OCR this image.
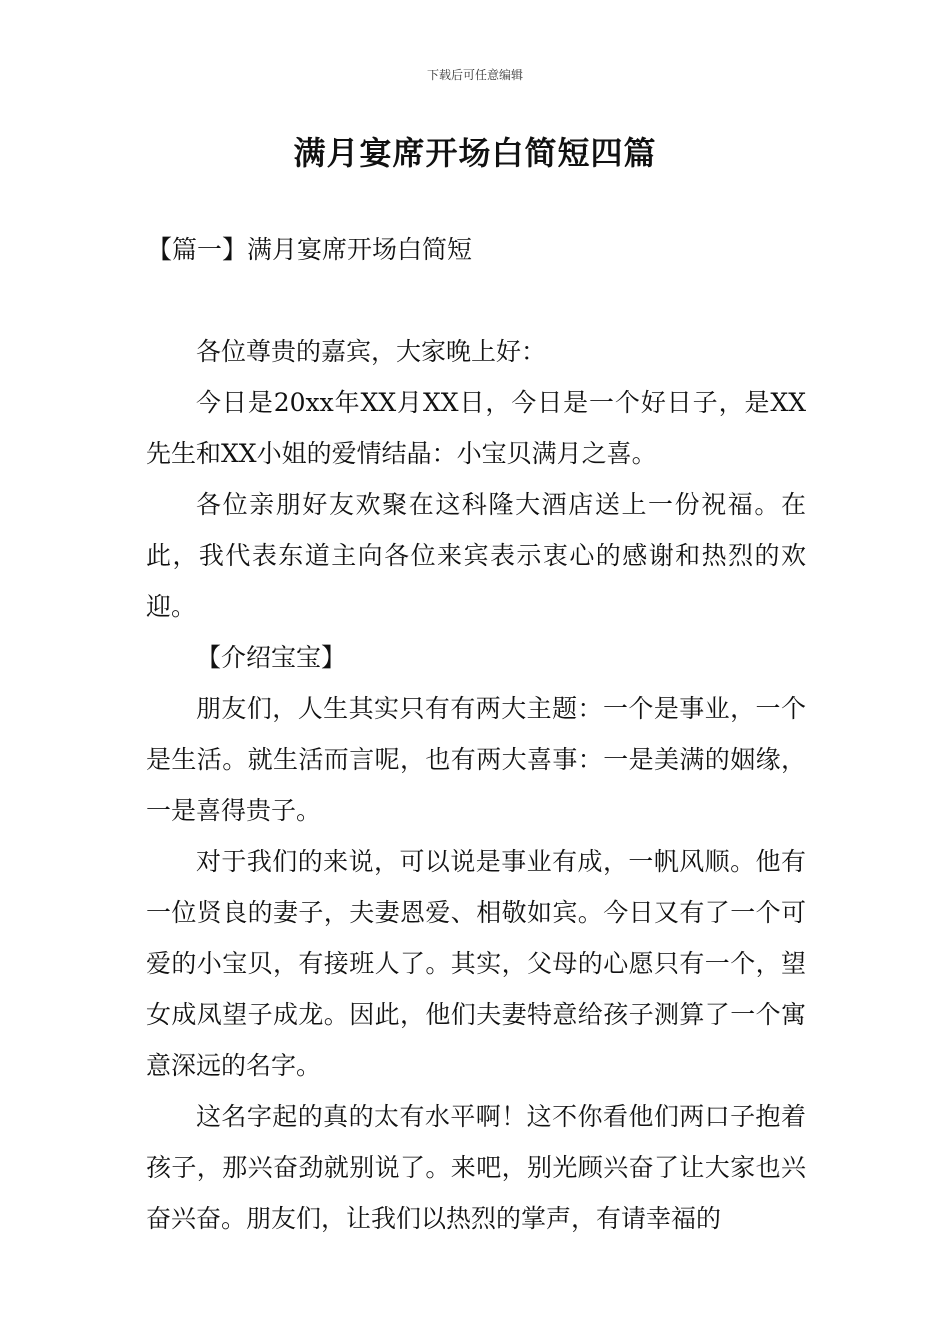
下载后可任意编辑
满月宴席开场白简短四篇
【篇一】满月宴席开场白简短

各位尊贵的嘉宾，大家晚上好：

今日是20xx年XX月XX日，今日是一个好日子，是XX先生和XX小姐的爱情结晶：小宝贝满月之喜。

各位亲朋好友欢聚在这科隆大酒店送上一份祝福。在此，我代表东道主向各位来宾表示衷心的感谢和热烈的欢迎。

【介绍宝宝】

朋友们，人生其实只有有两大主题：一个是事业，一个是生活。就生活而言呢，也有两大喜事：一是美满的姻缘，一是喜得贵子。

对于我们的来说，可以说是事业有成，一帆风顺。他有一位贤良的妻子，夫妻恩爱、相敬如宾。今日又有了一个可爱的小宝贝，有接班人了。其实，父母的心愿只有一个，望女成凤望子成龙。因此，他们夫妻特意给孩子测算了一个寓意深远的名字。

这名字起的真的太有水平啊！这不你看他们两口子抱着孩子，那兴奋劲就别说了。来吧，别光顾兴奋了让大家也兴奋兴奋。朋友们，让我们以热烈的掌声，有请幸福的
